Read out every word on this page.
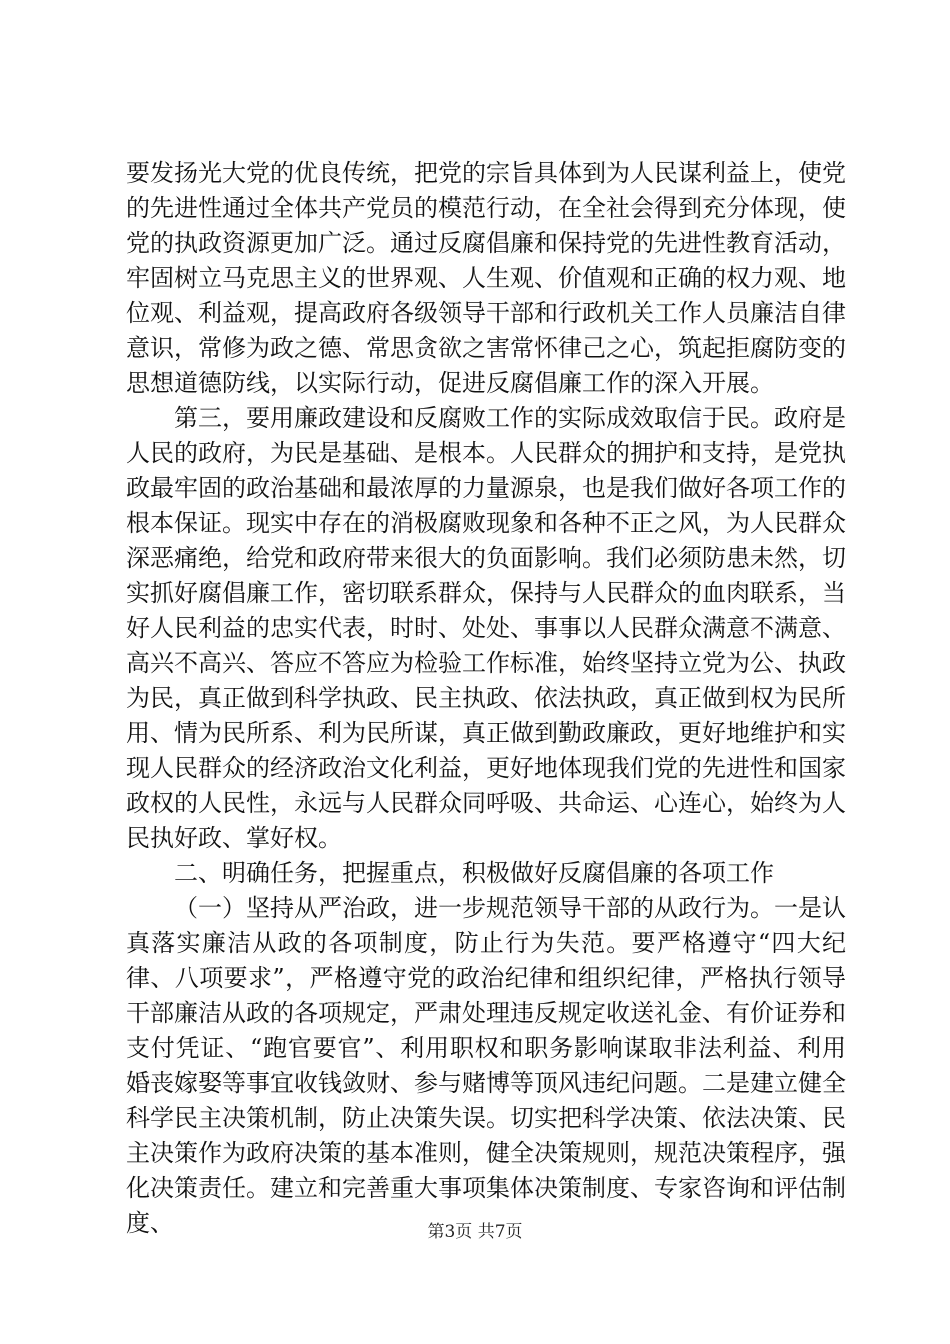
要发扬光大党的优良传统，把党的宗旨具体到为人民谋利益上，使党的先进性通过全体共产党员的模范行动，在全社会得到充分体现，使党的执政资源更加广泛。通过反腐倡廉和保持党的先进性教育活动，牢固树立马克思主义的世界观、人生观、价值观和正确的权力观、地位观、利益观，提高政府各级领导干部和行政机关工作人员廉洁自律意识，常修为政之德、常思贪欲之害常怀律己之心，筑起拒腐防变的思想道德防线，以实际行动，促进反腐倡廉工作的深入开展。

第三，要用廉政建设和反腐败工作的实际成效取信于民。政府是人民的政府，为民是基础、是根本。人民群众的拥护和支持，是党执政最牢固的政治基础和最浓厚的力量源泉，也是我们做好各项工作的根本保证。现实中存在的消极腐败现象和各种不正之风，为人民群众深恶痛绝，给党和政府带来很大的负面影响。我们必须防患未然，切实抓好腐倡廉工作，密切联系群众，保持与人民群众的血肉联系，当好人民利益的忠实代表，时时、处处、事事以人民群众满意不满意、高兴不高兴、答应不答应为检验工作标准，始终坚持立党为公、执政为民，真正做到科学执政、民主执政、依法执政，真正做到权为民所用、情为民所系、利为民所谋，真正做到勤政廉政，更好地维护和实现人民群众的经济政治文化利益，更好地体现我们党的先进性和国家政权的人民性，永远与人民群众同呼吸、共命运、心连心，始终为人民执好政、掌好权。

二、明确任务，把握重点，积极做好反腐倡廉的各项工作

（一）坚持从严治政，进一步规范领导干部的从政行为。一是认真落实廉洁从政的各项制度，防止行为失范。要严格遵守“四大纪律、八项要求”，严格遵守党的政治纪律和组织纪律，严格执行领导干部廉洁从政的各项规定，严肃处理违反规定收送礼金、有价证券和支付凭证、“跑官要官”、利用职权和职务影响谋取非法利益、利用婚丧嫁娶等事宜收钱敛财、参与赌博等顶风违纪问题。二是建立健全科学民主决策机制，防止决策失误。切实把科学决策、依法决策、民主决策作为政府决策的基本准则，健全决策规则，规范决策程序，强化决策责任。建立和完善重大事项集体决策制度、专家咨询和评估制度、	第3页 共7页
